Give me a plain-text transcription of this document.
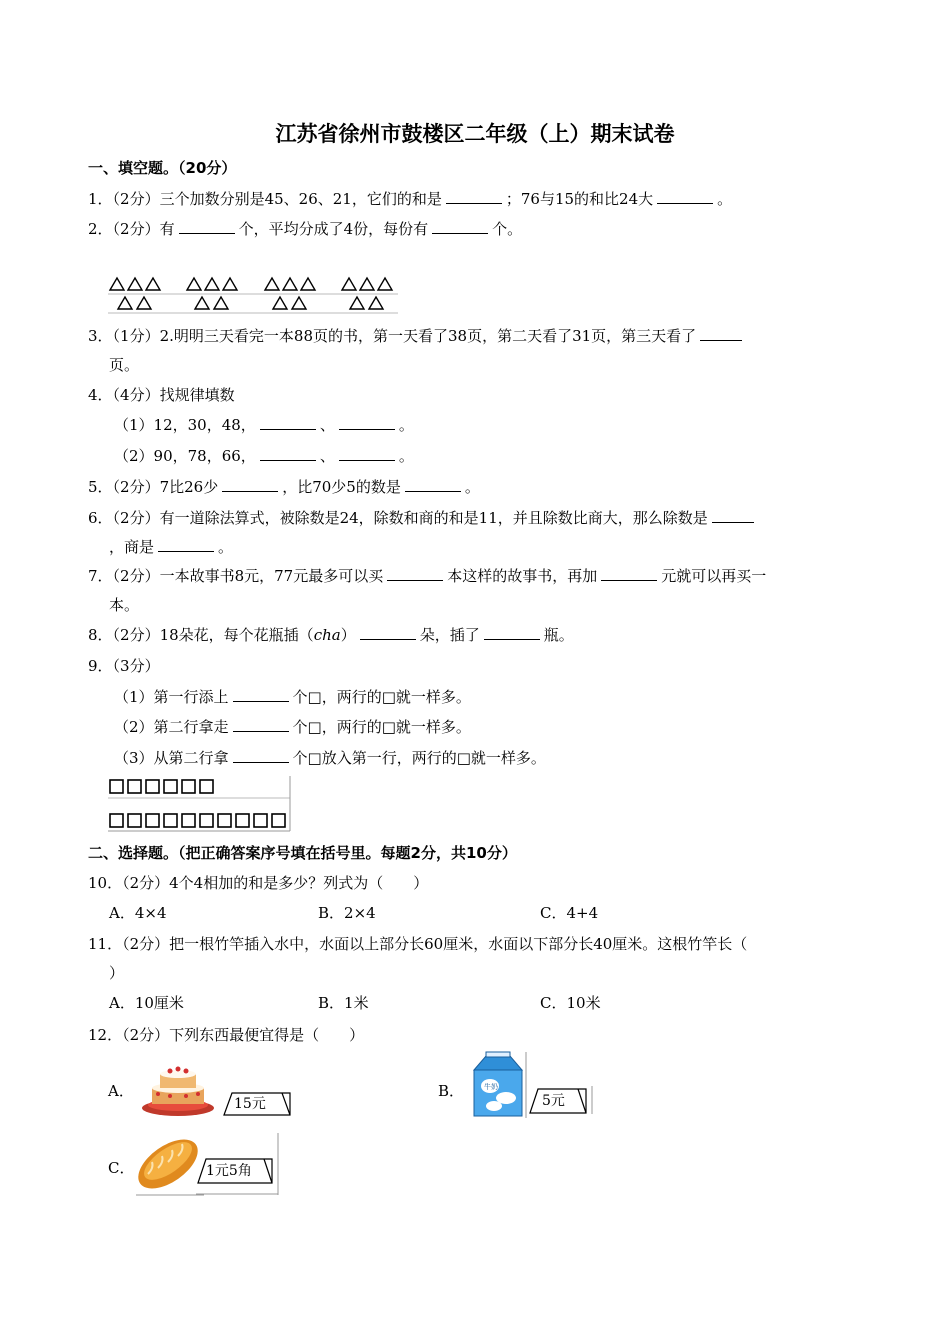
江苏省徐州市鼓楼区二年级（上）期末试卷
一、填空题。（20分）
1．（2分）三个加数分别是45、26、21，它们的和是	；76与15的和比24大	。
2．（2分）有	个，平均分成了4份，每份有	个。
3．（1分）2.明明三天看完一本88页的书，第一天看了38页，第二天看了31页，第三天看了
页。
4．（4分）找规律填数
（1）12，30，48，	、	。
（2）90，78，66，	、	。
5．（2分）7比26少	，比70少5的数是	。
6．（2分）有一道除法算式，被除数是24，除数和商的和是11，并且除数比商大，那么除数是
，商是	。
7．（2分）一本故事书8元，77元最多可以买	本这样的故事书，再加	元就可以再买一
本。
8．（2分）18朵花，每个花瓶插（cha）	朵，插了	瓶。
9．（3分）
（1）第一行添上	个□，两行的□就一样多。
（2）第二行拿走	个□，两行的□就一样多。
（3）从第二行拿	个□放入第一行，两行的□就一样多。
二、选择题。（把正确答案序号填在括号里。每题2分，共10分）
10．（2分）4个4相加的和是多少？列式为（　　）
A．4×4	B．2×4	C．4+4
11．（2分）把一根竹竿插入水中，水面以上部分长60厘米，水面以下部分长40厘米。这根竹竿长（
）
A．10厘米	B．1米	C．10米
12．（2分）下列东西最便宜得是（　　）
A．	B．
C．
15元
牛奶
5元
1元5角
